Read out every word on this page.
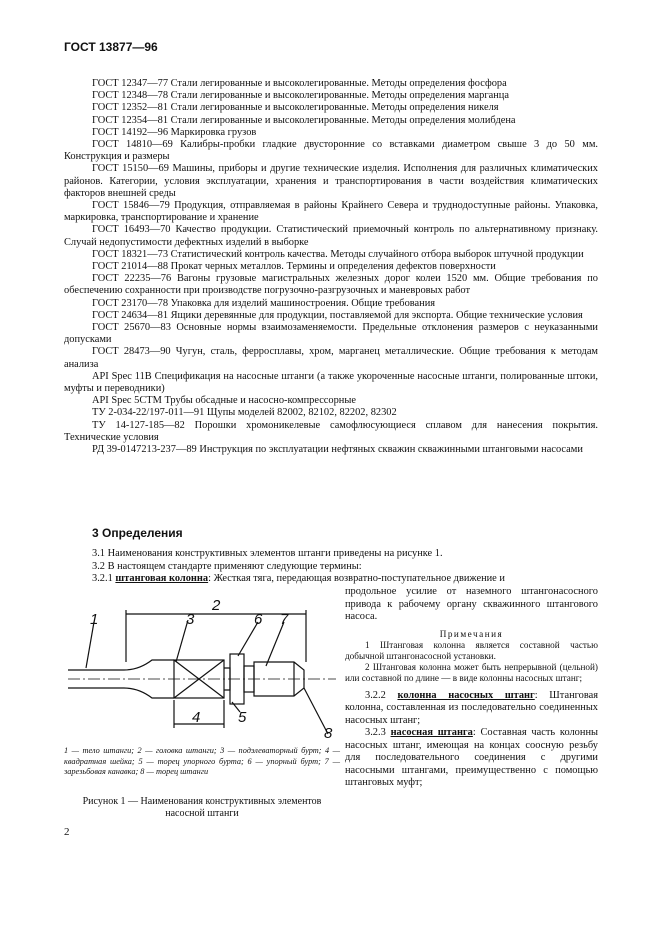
ГОСТ 13877—96

ГОСТ 12347—77 Стали легированные и высоколегированные. Методы определения фосфора

ГОСТ 12348—78 Стали легированные и высоколегированные. Методы определения марганца

ГОСТ 12352—81 Стали легированные и высоколегированные. Методы определения никеля

ГОСТ 12354—81 Стали легированные и высоколегированные. Методы определения молибдена

ГОСТ 14192—96 Маркировка грузов

ГОСТ 14810—69 Калибры-пробки гладкие двусторонние со вставками диаметром свыше 3 до 50 мм. Конструкция и размеры

ГОСТ 15150—69 Машины, приборы и другие технические изделия. Исполнения для различных климатических районов. Категории, условия эксплуатации, хранения и транспортирования в части воздействия климатических факторов внешней среды

ГОСТ 15846—79 Продукция, отправляемая в районы Крайнего Севера и труднодоступные районы. Упаковка, маркировка, транспортирование и хранение

ГОСТ 16493—70 Качество продукции. Статистический приемочный контроль по альтернативному признаку. Случай недопустимости дефектных изделий в выборке

ГОСТ 18321—73 Статистический контроль качества. Методы случайного отбора выборок штучной продукции

ГОСТ 21014—88 Прокат черных металлов. Термины и определения дефектов поверхности

ГОСТ 22235—76 Вагоны грузовые магистральных железных дорог колеи 1520 мм. Общие требования по обеспечению сохранности при производстве погрузочно-разгрузочных и маневровых работ

ГОСТ 23170—78 Упаковка для изделий машиностроения. Общие требования

ГОСТ 24634—81 Ящики деревянные для продукции, поставляемой для экспорта. Общие технические условия

ГОСТ 25670—83 Основные нормы взаимозаменяемости. Предельные отклонения размеров с неуказанными допусками

ГОСТ 28473—90 Чугун, сталь, ферросплавы, хром, марганец металлические. Общие требования к методам анализа

API Spec 11В Спецификация на насосные штанги (а также укороченные насосные штанги, полированные штоки, муфты и переводники)

API Spec 5CTM Трубы обсадные и насосно-компрессорные

ТУ 2-034-22/197-011—91 Щупы моделей 82002, 82102, 82202, 82302

ТУ 14-127-185—82 Порошки хромоникелевые самофлюсующиеся сплавом для нанесения покрытия. Технические условия

РД 39-0147213-237—89 Инструкция по эксплуатации нефтяных скважин скважинными штанговыми насосами

3 Определения

3.1 Наименования конструктивных элементов штанги приведены на рисунке 1.

3.2 В настоящем стандарте применяют следующие термины:

3.2.1 штанговая колонна: Жесткая тяга, передающая возвратно-поступательное движение и

продольное усилие от наземного штангонасосного привода к рабочему органу скважинного штангового насоса.

Примечания

1 Штанговая колонна является составной частью добычной штангонасосной установки.

2 Штанговая колонна может быть непрерывной (цельной) или составной по длине — в виде колонны насосных штанг;

3.2.2 колонна насосных штанг: Штанговая колонна, составленная из последовательно соединенных насосных штанг;

3.2.3 насосная штанга: Составная часть колонны насосных штанг, имеющая на концах соосную резьбу для последовательного соединения с другими насосными штангами, преимущественно с помощью штанговых муфт;

1
2
3
4	5
6 7
8
1 — тело штанги; 2 — головка штанги; 3 — подэлеваторный бурт; 4 — квадратная шейка; 5 — торец упорного бурта; 6 — упорный бурт; 7 — зарезьбовая канавка; 8 — торец штанги
Рисунок 1 — Наименования конструктивных элементов насосной штанги
2
